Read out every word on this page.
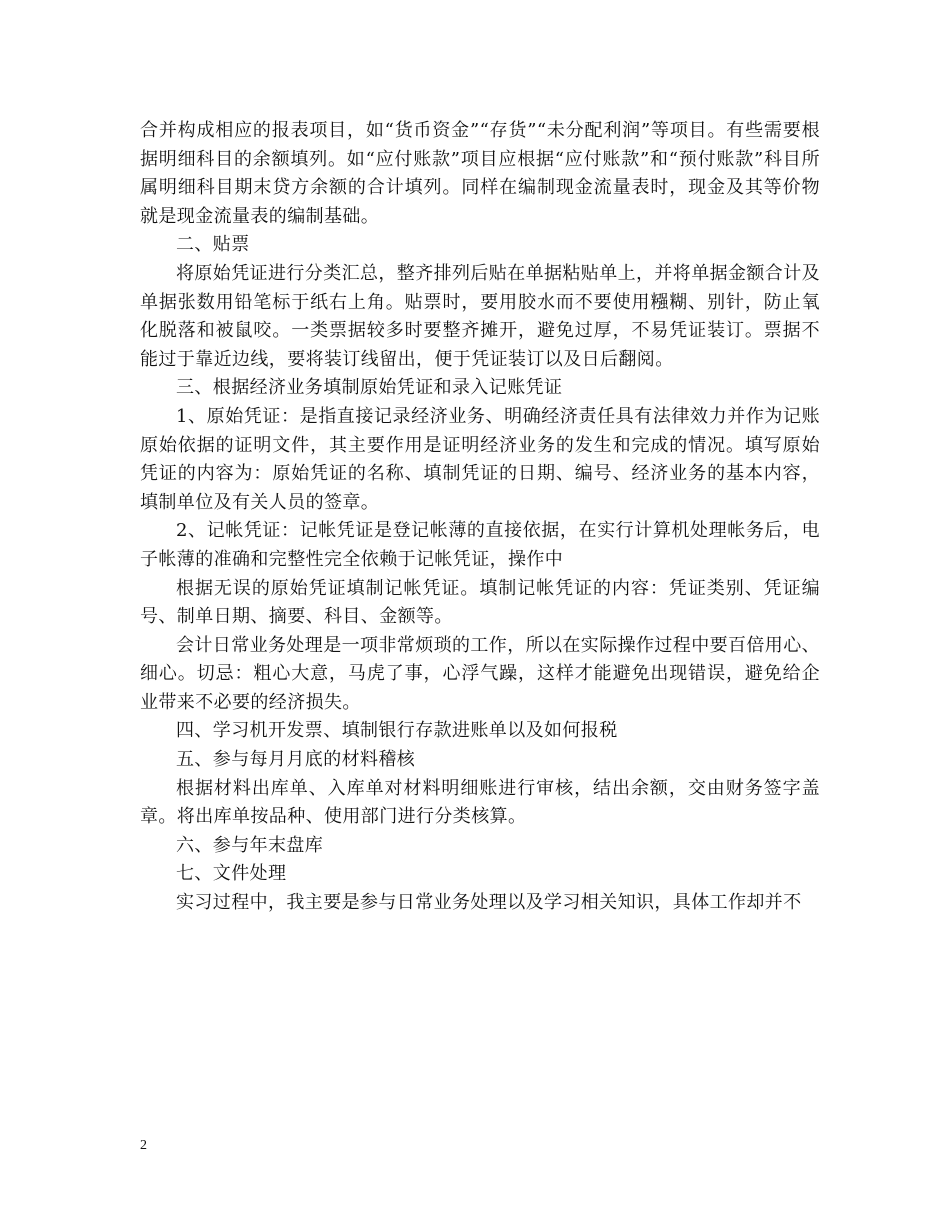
合并构成相应的报表项目，如“货币资金”“存货”“未分配利润”等项目。有些需要根据明细科目的余额填列。如“应付账款”项目应根据“应付账款”和“预付账款”科目所属明细科目期末贷方余额的合计填列。同样在编制现金流量表时，现金及其等价物就是现金流量表的编制基础。

二、贴票

将原始凭证进行分类汇总，整齐排列后贴在单据粘贴单上，并将单据金额合计及单据张数用铅笔标于纸右上角。贴票时，要用胶水而不要使用糨糊、别针，防止氧化脱落和被鼠咬。一类票据较多时要整齐摊开，避免过厚，不易凭证装订。票据不能过于靠近边线，要将装订线留出，便于凭证装订以及日后翻阅。

三、根据经济业务填制原始凭证和录入记账凭证

1、原始凭证：是指直接记录经济业务、明确经济责任具有法律效力并作为记账原始依据的证明文件，其主要作用是证明经济业务的发生和完成的情况。填写原始凭证的内容为：原始凭证的名称、填制凭证的日期、编号、经济业务的基本内容，填制单位及有关人员的签章。

2、记帐凭证：记帐凭证是登记帐薄的直接依据，在实行计算机处理帐务后，电子帐薄的准确和完整性完全依赖于记帐凭证，操作中

根据无误的原始凭证填制记帐凭证。填制记帐凭证的内容：凭证类别、凭证编号、制单日期、摘要、科目、金额等。

会计日常业务处理是一项非常烦琐的工作，所以在实际操作过程中要百倍用心、细心。切忌：粗心大意，马虎了事，心浮气躁，这样才能避免出现错误，避免给企业带来不必要的经济损失。

四、学习机开发票、填制银行存款进账单以及如何报税

五、参与每月月底的材料稽核

根据材料出库单、入库单对材料明细账进行审核，结出余额，交由财务签字盖章。将出库单按品种、使用部门进行分类核算。

六、参与年末盘库

七、文件处理

实习过程中，我主要是参与日常业务处理以及学习相关知识，具体工作却并不

2
